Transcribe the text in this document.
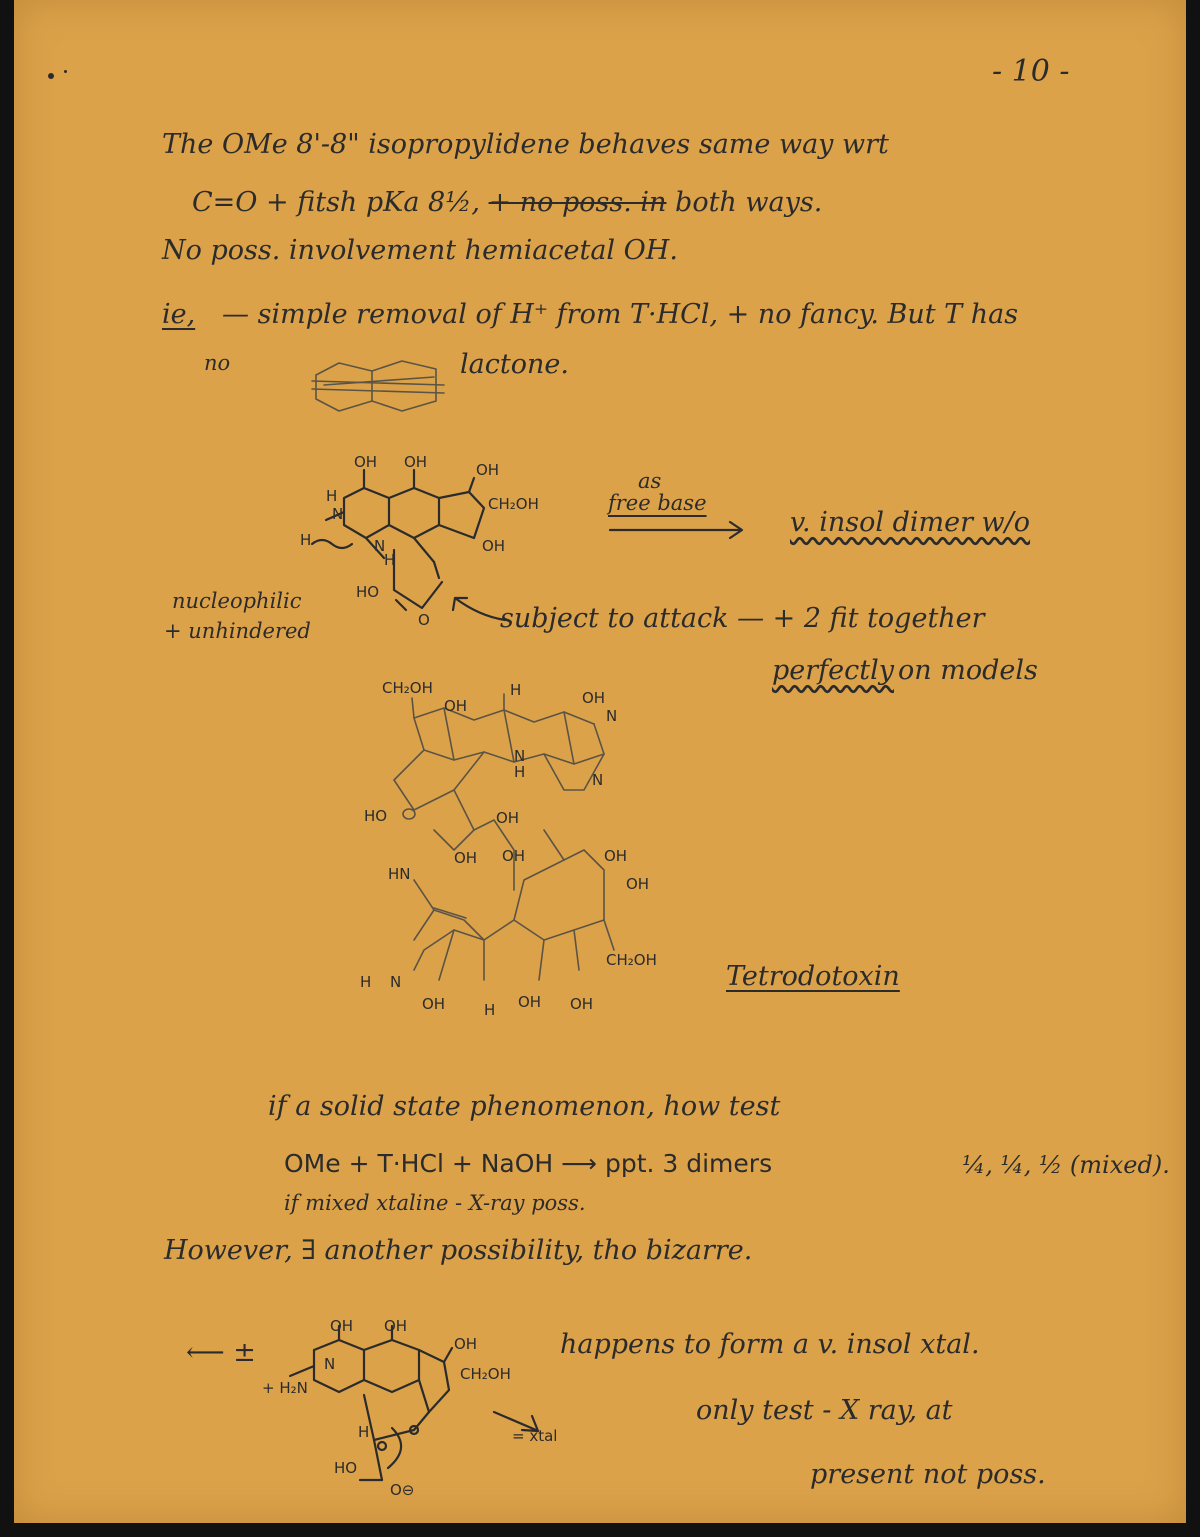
- 10 -

The OMe 8'-8" isopropylidene behaves same way wrt

C=O + fitsh pKa 8½, + no poss. in both ways.

No poss. involvement hemiacetal OH.

ie, — simple removal of H⁺ from T·HCl, + no fancy. But T has

no	lactone.

OH OH	OH

CH₂OH

OH

H

N

H	N

H

HO

O

as

free base

v. insol dimer w/o

nucleophilic

+ unhindered	subject to attack — + 2 fit together

perfectly on models

CH₂OH

OH

H	OH

N

N

H	N

HO	OH

OH OH	OH

HN

OH

CH₂OH

H N

OH	H OH OH

Tetrodotoxin

if a solid state phenomenon, how test

OMe + T·HCl + NaOH ⟶ ppt. 3 dimers	¼, ¼, ½ (mixed).

if mixed xtaline - X-ray poss.

However, ∃ another possibility, tho bizarre.

⟵ ±

OH OH

OH

CH₂OH

N

+ H₂N

H

HO

O⊖

= xtal

happens to form a v. insol xtal.

only test - X ray, at

present not poss.
